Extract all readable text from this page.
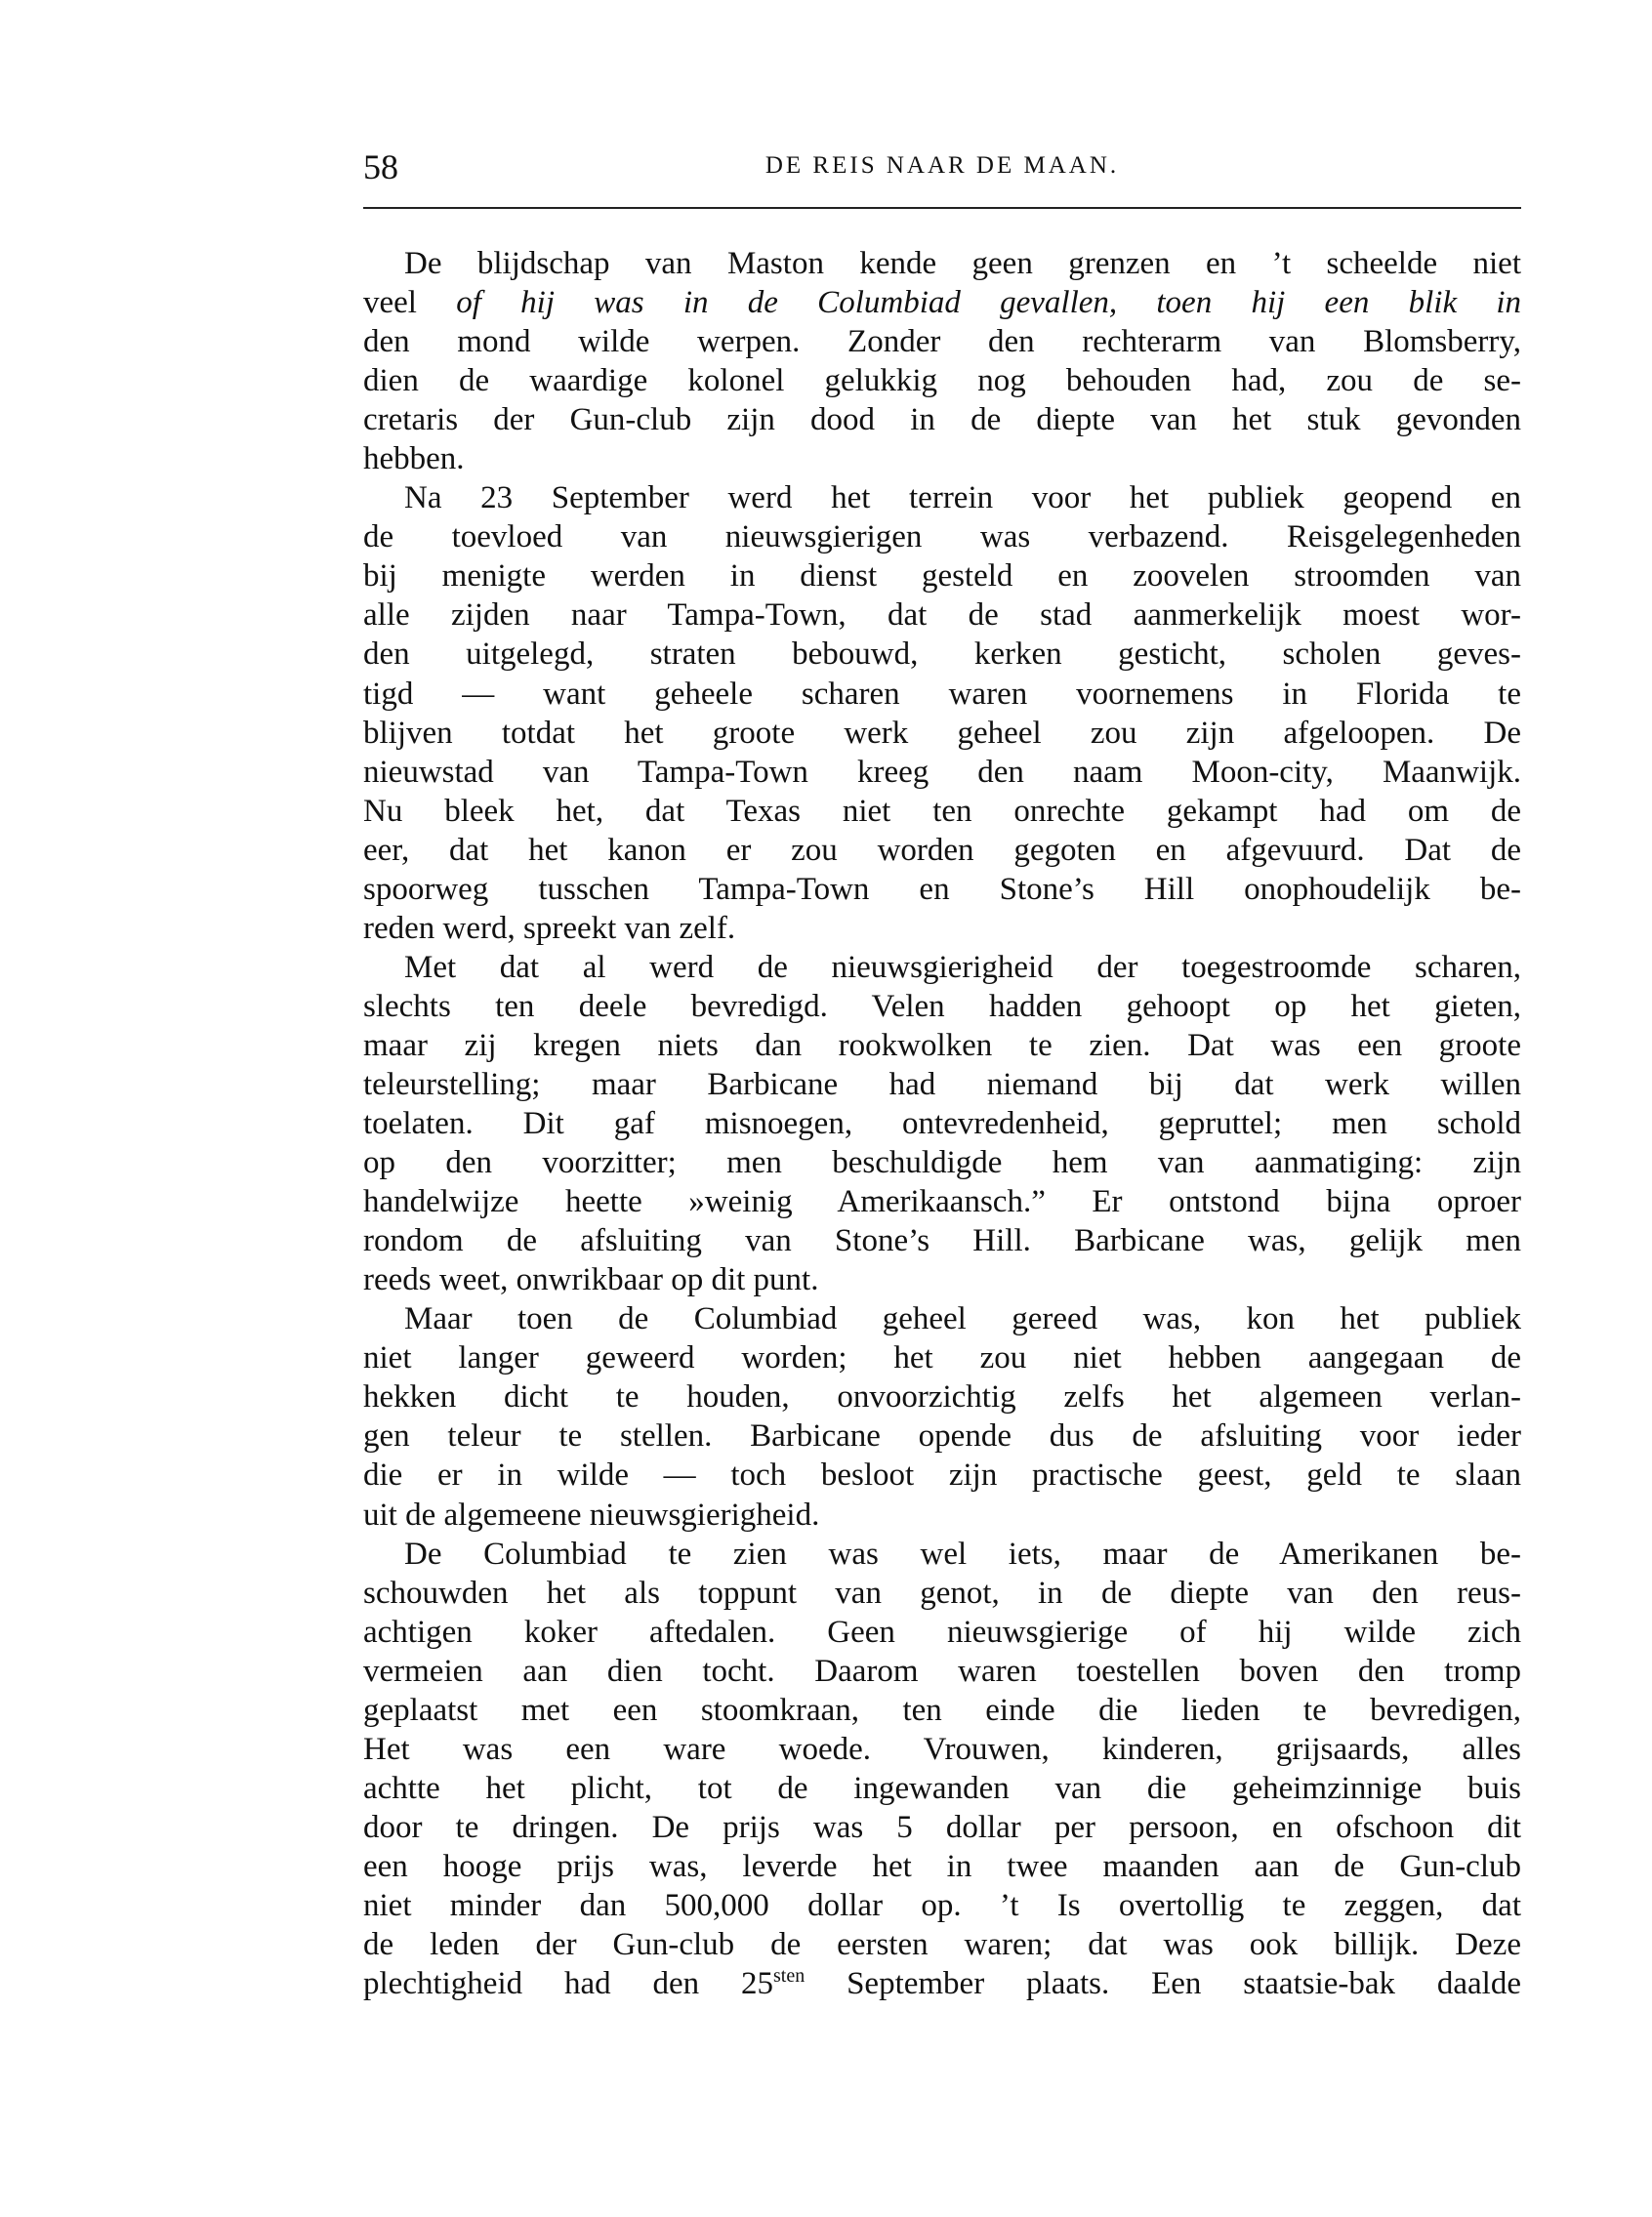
58	DE REIS NAAR DE MAAN.
De blijdschap van Maston kende geen grenzen en ’t scheelde niet
veel of hij was in de Columbiad gevallen, toen hij een blik in
den mond wilde werpen. Zonder den rechterarm van Blomsberry,
dien de waardige kolonel gelukkig nog behouden had, zou de se-
cretaris der Gun-club zijn dood in de diepte van het stuk gevonden
hebben.
Na 23 September werd het terrein voor het publiek geopend en
de toevloed van nieuwsgierigen was verbazend. Reisgelegenheden
bij menigte werden in dienst gesteld en zoovelen stroomden van
alle zijden naar Tampa-Town, dat de stad aanmerkelijk moest wor-
den uitgelegd, straten bebouwd, kerken gesticht, scholen geves-
tigd — want geheele scharen waren voornemens in Florida te
blijven totdat het groote werk geheel zou zijn afgeloopen. De
nieuwstad van Tampa-Town kreeg den naam Moon-city, Maanwijk.
Nu bleek het, dat Texas niet ten onrechte gekampt had om de
eer, dat het kanon er zou worden gegoten en afgevuurd. Dat de
spoorweg tusschen Tampa-Town en Stone’s Hill onophoudelijk be-
reden werd, spreekt van zelf.
Met dat al werd de nieuwsgierigheid der toegestroomde scharen,
slechts ten deele bevredigd. Velen hadden gehoopt op het gieten,
maar zij kregen niets dan rookwolken te zien. Dat was een groote
teleurstelling; maar Barbicane had niemand bij dat werk willen
toelaten. Dit gaf misnoegen, ontevredenheid, gepruttel; men schold
op den voorzitter; men beschuldigde hem van aanmatiging: zijn
handelwijze heette »weinig Amerikaansch.” Er ontstond bijna oproer
rondom de afsluiting van Stone’s Hill. Barbicane was, gelijk men
reeds weet, onwrikbaar op dit punt.
Maar toen de Columbiad geheel gereed was, kon het publiek
niet langer geweerd worden; het zou niet hebben aangegaan de
hekken dicht te houden, onvoorzichtig zelfs het algemeen verlan-
gen teleur te stellen. Barbicane opende dus de afsluiting voor ieder
die er in wilde — toch besloot zijn practische geest, geld te slaan
uit de algemeene nieuwsgierigheid.
De Columbiad te zien was wel iets, maar de Amerikanen be-
schouwden het als toppunt van genot, in de diepte van den reus-
achtigen koker aftedalen. Geen nieuwsgierige of hij wilde zich
vermeien aan dien tocht. Daarom waren toestellen boven den tromp
geplaatst met een stoomkraan, ten einde die lieden te bevredigen,
Het was een ware woede. Vrouwen, kinderen, grijsaards, alles
achtte het plicht, tot de ingewanden van die geheimzinnige buis
door te dringen. De prijs was 5 dollar per persoon, en ofschoon dit
een hooge prijs was, leverde het in twee maanden aan de Gun-club
niet minder dan 500,000 dollar op. ’t Is overtollig te zeggen, dat
de leden der Gun-club de eersten waren; dat was ook billijk. Deze
plechtigheid had den $25^{sten}$ September plaats. Een staatsie-bak daalde
